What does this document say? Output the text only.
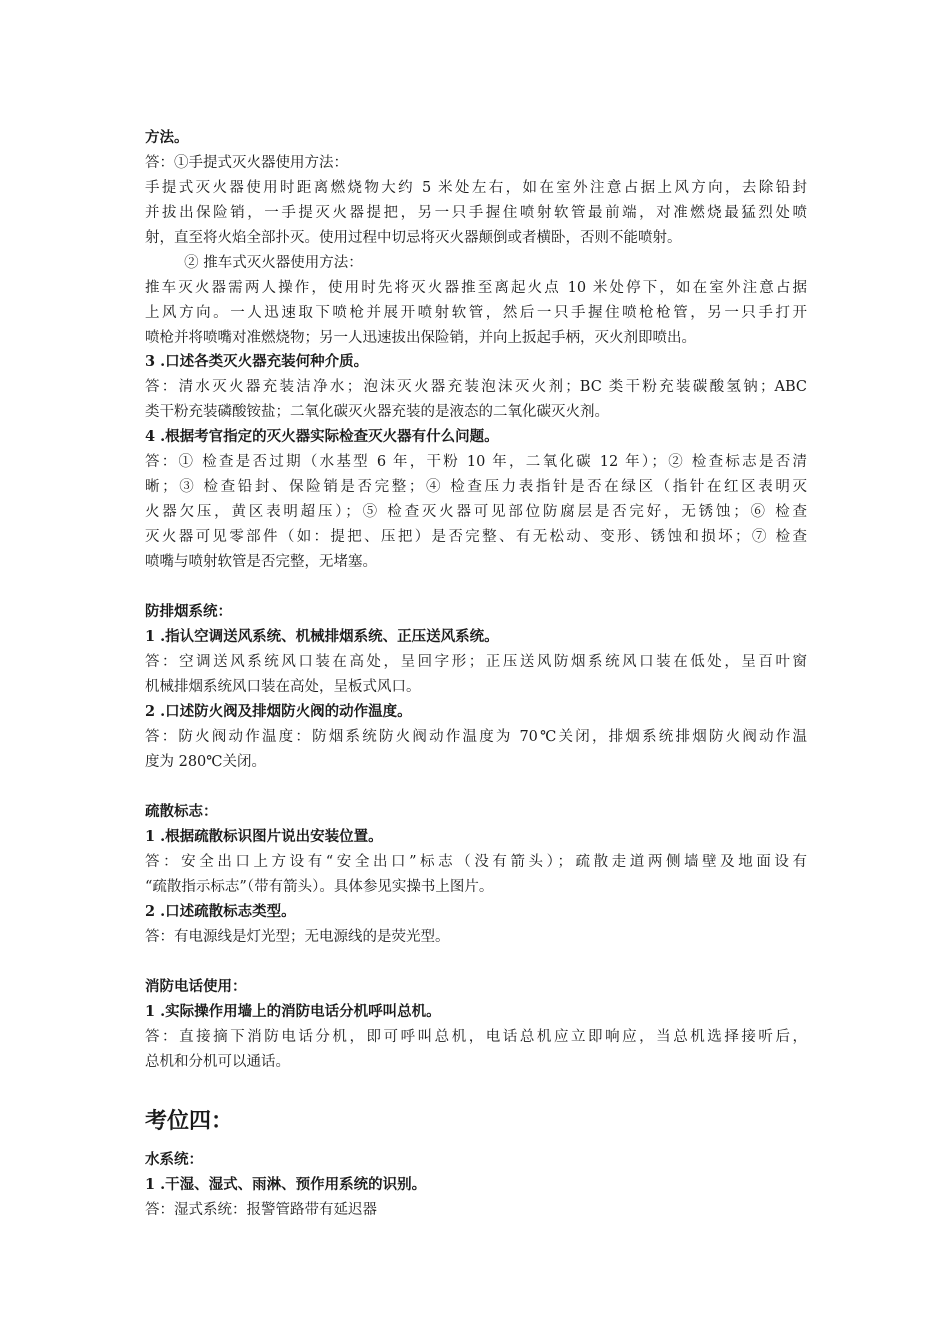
方法。
答：①手提式灭火器使用方法：
手提式灭火器使用时距离燃烧物大约 5 米处左右，如在室外注意占据上风方向，去除铅封
并拔出保险销，一手提灭火器提把，另一只手握住喷射软管最前端，对准燃烧最猛烈处喷
射，直至将火焰全部扑灭。使用过程中切忌将灭火器颠倒或者横卧，否则不能喷射。
② 推车式灭火器使用方法：
推车灭火器需两人操作，使用时先将灭火器推至离起火点 10 米处停下，如在室外注意占据
上风方向。一人迅速取下喷枪并展开喷射软管，然后一只手握住喷枪枪管，另一只手打开
喷枪并将喷嘴对准燃烧物；另一人迅速拔出保险销，并向上扳起手柄，灭火剂即喷出。
3 .口述各类灭火器充装何种介质。
答：清水灭火器充装洁净水；泡沫灭火器充装泡沫灭火剂；BC 类干粉充装碳酸氢钠；ABC
类干粉充装磷酸铵盐；二氧化碳灭火器充装的是液态的二氧化碳灭火剂。
4 .根据考官指定的灭火器实际检查灭火器有什么问题。
答：① 检查是否过期（水基型 6 年，干粉 10 年，二氧化碳 12 年）；② 检查标志是否清
晰；③ 检查铅封、保险销是否完整；④ 检查压力表指针是否在绿区（指针在红区表明灭
火器欠压，黄区表明超压）；⑤ 检查灭火器可见部位防腐层是否完好，无锈蚀；⑥ 检查
灭火器可见零部件（如：提把、压把）是否完整、有无松动、变形、锈蚀和损坏；⑦ 检查
喷嘴与喷射软管是否完整，无堵塞。
防排烟系统：
1 .指认空调送风系统、机械排烟系统、正压送风系统。
答：空调送风系统风口装在高处，呈回字形；正压送风防烟系统风口装在低处，呈百叶窗
机械排烟系统风口装在高处，呈板式风口。
2 .口述防火阀及排烟防火阀的动作温度。
答：防火阀动作温度：防烟系统防火阀动作温度为 70℃关闭，排烟系统排烟防火阀动作温
度为 280℃关闭。
疏散标志：
1 .根据疏散标识图片说出安装位置。
答：安全出口上方设有“安全出口”标志（没有箭头）；疏散走道两侧墙壁及地面设有
“疏散指示标志”（带有箭头）。具体参见实操书上图片。
2 .口述疏散标志类型。
答：有电源线是灯光型；无电源线的是荧光型。
消防电话使用：
1 .实际操作用墙上的消防电话分机呼叫总机。
答：直接摘下消防电话分机，即可呼叫总机，电话总机应立即响应，当总机选择接听后，
总机和分机可以通话。
考位四：
水系统：
1 .干湿、湿式、雨淋、预作用系统的识别。
答：湿式系统：报警管路带有延迟器
